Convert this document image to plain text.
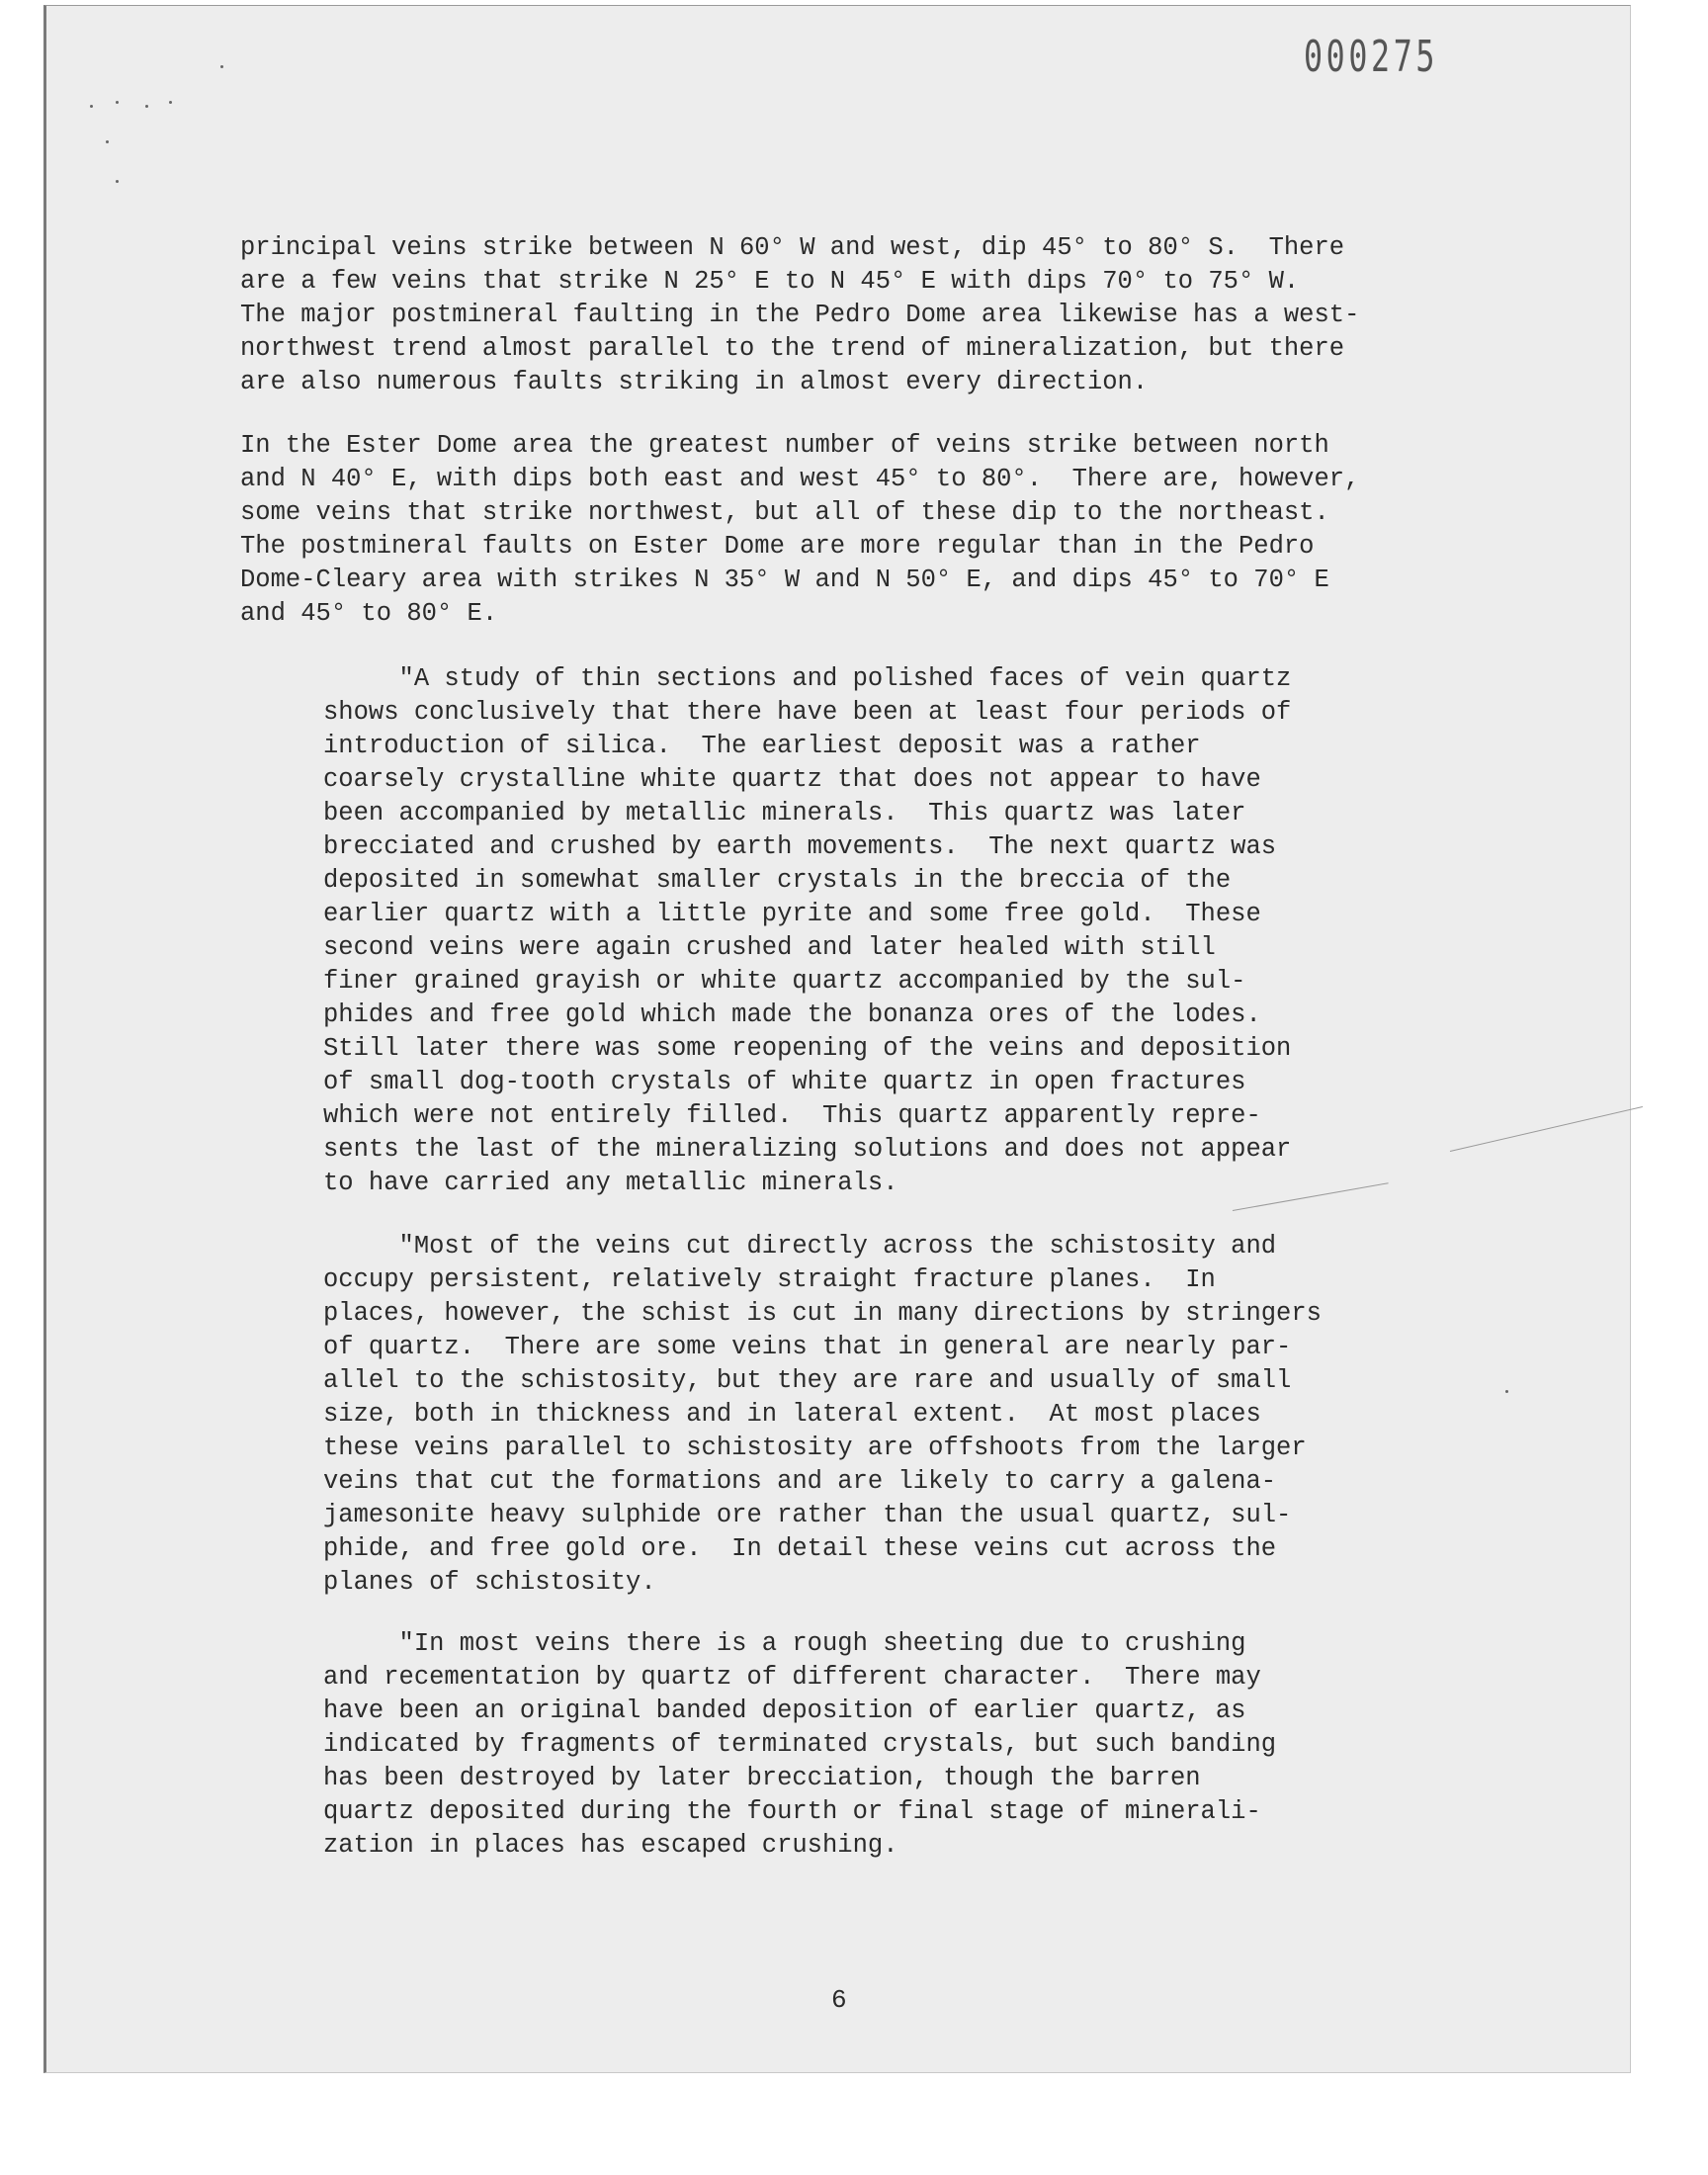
000275

principal veins strike between N 60° W and west, dip 45° to 80° S.  There
are a few veins that strike N 25° E to N 45° E with dips 70° to 75° W.
The major postmineral faulting in the Pedro Dome area likewise has a west-
northwest trend almost parallel to the trend of mineralization, but there
are also numerous faults striking in almost every direction.

In the Ester Dome area the greatest number of veins strike between north
and N 40° E, with dips both east and west 45° to 80°.  There are, however,
some veins that strike northwest, but all of these dip to the northeast.
The postmineral faults on Ester Dome are more regular than in the Pedro
Dome-Cleary area with strikes N 35° W and N 50° E, and dips 45° to 70° E
and 45° to 80° E.

"A study of thin sections and polished faces of vein quartz
shows conclusively that there have been at least four periods of
introduction of silica.  The earliest deposit was a rather
coarsely crystalline white quartz that does not appear to have
been accompanied by metallic minerals.  This quartz was later
brecciated and crushed by earth movements.  The next quartz was
deposited in somewhat smaller crystals in the breccia of the
earlier quartz with a little pyrite and some free gold.  These
second veins were again crushed and later healed with still
finer grained grayish or white quartz accompanied by the sul-
phides and free gold which made the bonanza ores of the lodes.
Still later there was some reopening of the veins and deposition
of small dog-tooth crystals of white quartz in open fractures
which were not entirely filled.  This quartz apparently repre-
sents the last of the mineralizing solutions and does not appear
to have carried any metallic minerals.

"Most of the veins cut directly across the schistosity and
occupy persistent, relatively straight fracture planes.  In
places, however, the schist is cut in many directions by stringers
of quartz.  There are some veins that in general are nearly par-
allel to the schistosity, but they are rare and usually of small
size, both in thickness and in lateral extent.  At most places
these veins parallel to schistosity are offshoots from the larger
veins that cut the formations and are likely to carry a galena-
jamesonite heavy sulphide ore rather than the usual quartz, sul-
phide, and free gold ore.  In detail these veins cut across the
planes of schistosity.

"In most veins there is a rough sheeting due to crushing
and recementation by quartz of different character.  There may
have been an original banded deposition of earlier quartz, as
indicated by fragments of terminated crystals, but such banding
has been destroyed by later brecciation, though the barren
quartz deposited during the fourth or final stage of minerali-
zation in places has escaped crushing.

6
